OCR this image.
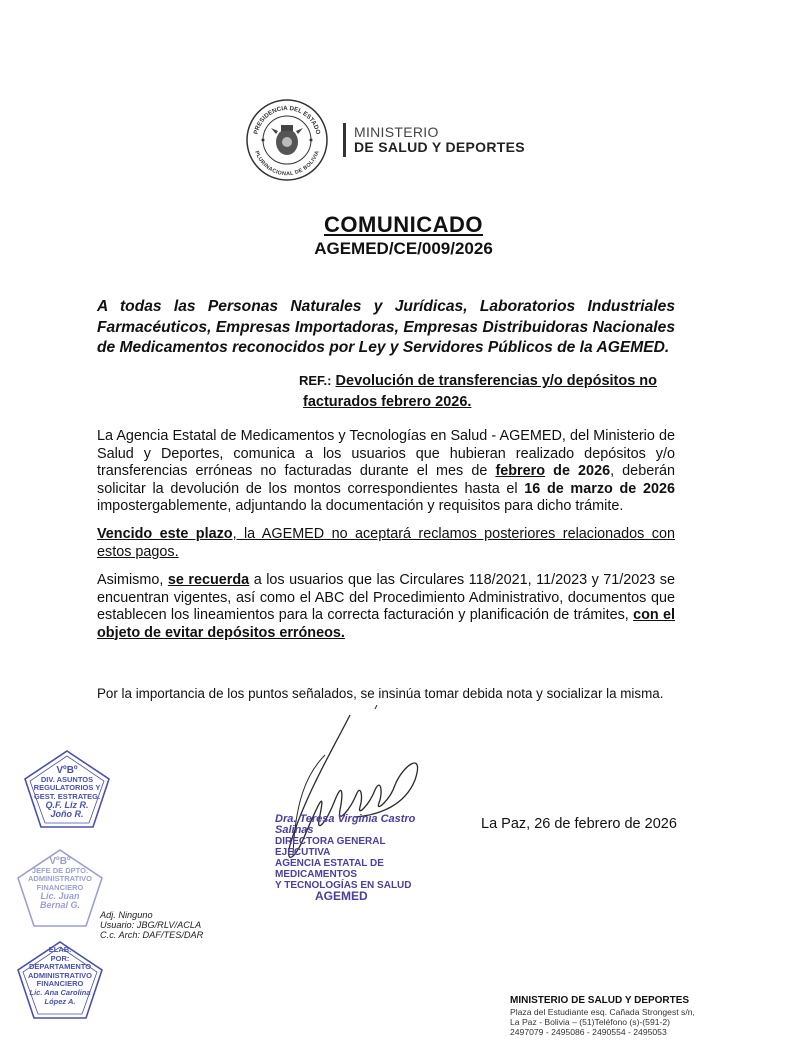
PRESIDENCIA DEL ESTADO
PLURINACIONAL DE BOLIVIA
MINISTERIO
DE SALUD Y DEPORTES
COMUNICADO
AGEMED/CE/009/2026

A todas las Personas Naturales y Jurídicas, Laboratorios Industriales Farmacéuticos, Empresas Importadoras, Empresas Distribuidoras Nacionales de Medicamentos reconocidos por Ley y Servidores Públicos de la AGEMED.

REF.: Devolución de transferencias y/o depósitos no
facturados febrero 2026.

La Agencia Estatal de Medicamentos y Tecnologías en Salud - AGEMED, del Ministerio de Salud y Deportes, comunica a los usuarios que hubieran realizado depósitos y/o transferencias erróneas no facturadas durante el mes de febrero de 2026, deberán solicitar la devolución de los montos correspondientes hasta el 16 de marzo de 2026 impostergablemente, adjuntando la documentación y requisitos para dicho trámite.

Vencido este plazo, la AGEMED no aceptará reclamos posteriores relacionados con estos pagos.

Asimismo, se recuerda a los usuarios que las Circulares 118/2021, 11/2023 y 71/2023 se encuentran vigentes, así como el ABC del Procedimiento Administrativo, documentos que establecen los lineamientos para la correcta facturación y planificación de trámites, con el objeto de evitar depósitos erróneos.

Por la importancia de los puntos señalados, se insinúa tomar debida nota y socializar la misma.

Dra. Teresa Virginia Castro Salinas
DIRECTORA GENERAL EJECUTIVA
AGENCIA ESTATAL DE MEDICAMENTOS
Y TECNOLOGÍAS EN SALUD
AGEMED
La Paz, 26 de febrero de 2026
VºBº
DIV. ASUNTOS
REGULATORIOS Y
GEST. ESTRATEG.
Q.F. Liz R.
Joño R.
VºBº
JEFE DE DPTO.
ADMINISTRATIVO
FINANCIERO
Lic. Juan
Bernal G.
ELAB.
POR:
DEPARTAMENTO
ADMINISTRATIVO
FINANCIERO
Lic. Ana Carolina
López A.
Adj. Ninguno
Usuario: JBG/RLV/ACLA
C.c. Arch: DAF/TES/DAR
MINISTERIO DE SALUD Y DEPORTES
Plaza del Estudiante esq. Cañada Strongest s/n,
La Paz - Bolivia – (51)Teléfono (s)-(591-2)
2497079 - 2495086 - 2490554 - 2495053
